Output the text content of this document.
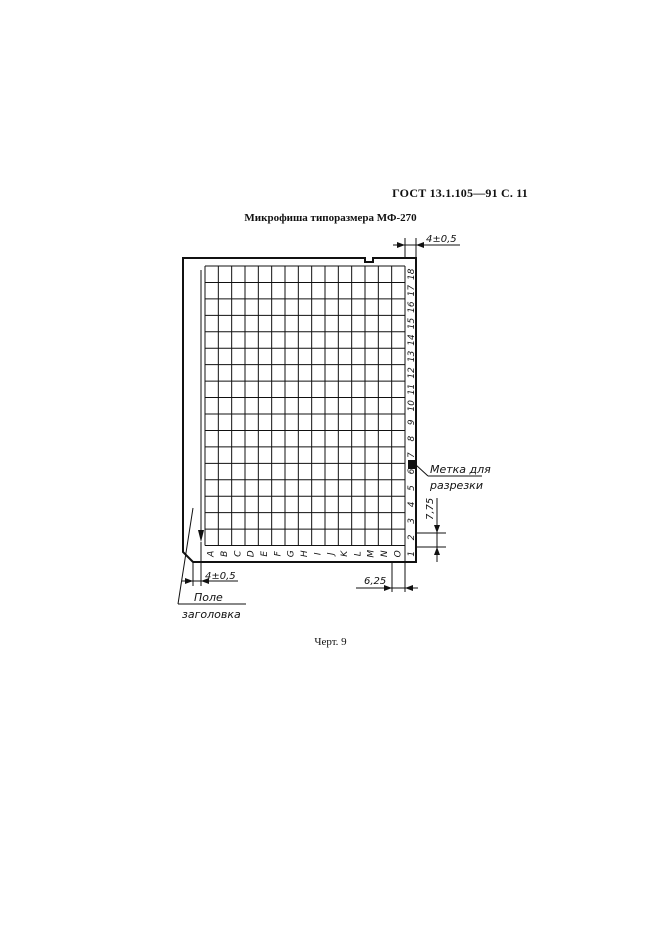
ГОСТ 13.1.105—91 С. 11
Микрофиша типоразмера МФ-270
1
2
3
4
5
6
7
8
9
10
11
12
13
14
15
16
17
18
A B C D E F G H I J K L M N O
4±0,5
4±0,5	6,25
7,75
Метка для
разрезки
Поле
заголовка
Черт. 9
